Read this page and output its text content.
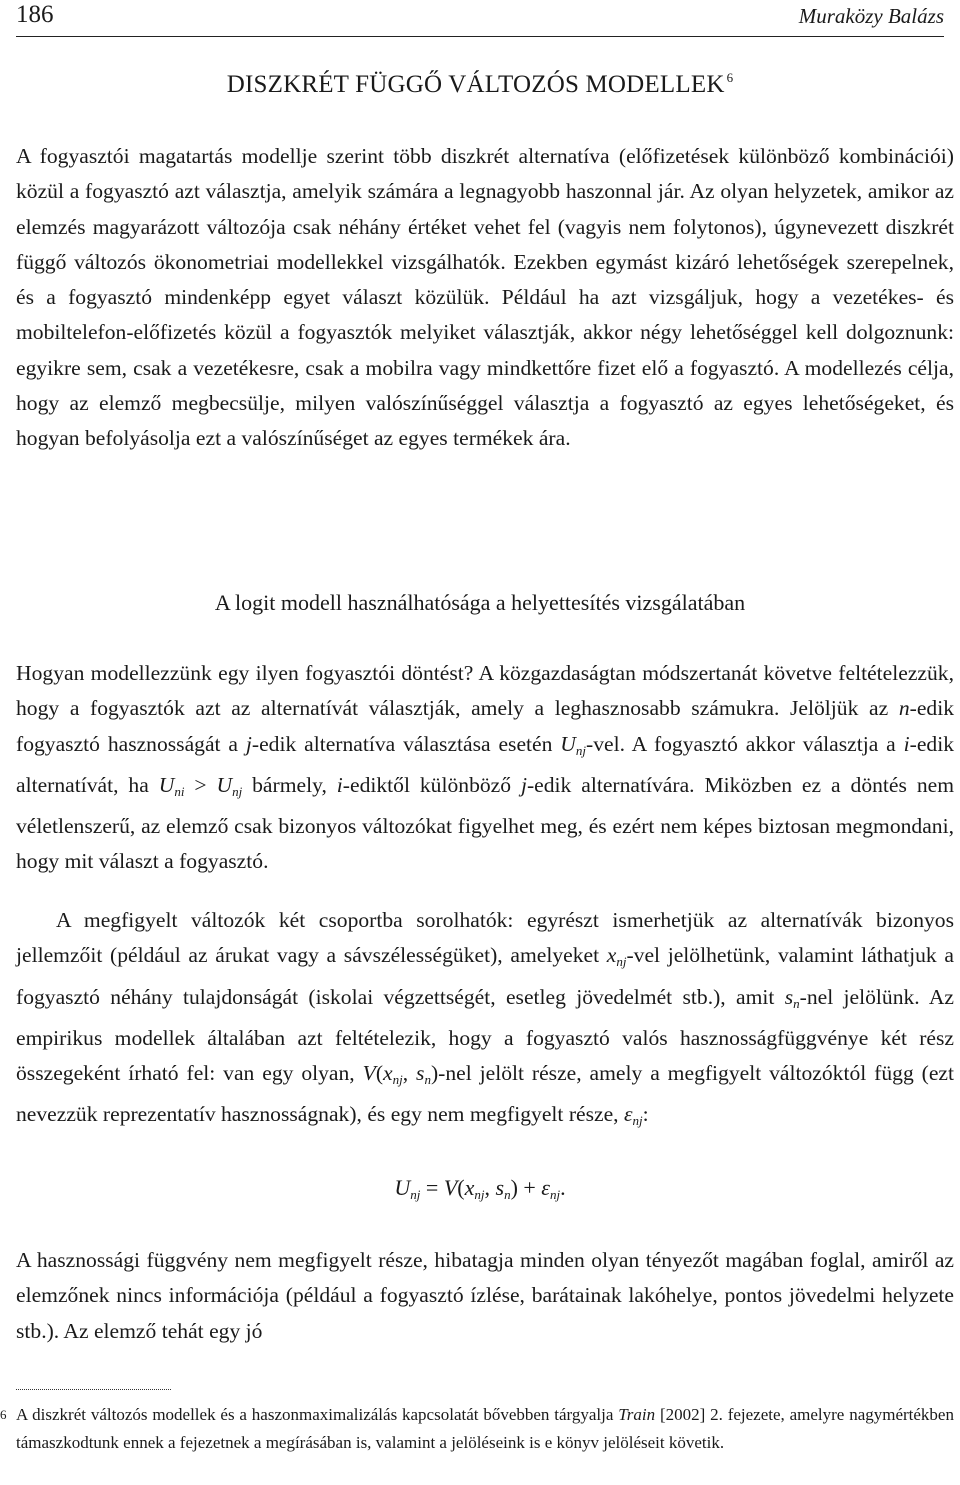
186	Muraközy Balázs
DISZKRÉT FÜGGŐ VÁLTOZÓS MODELLEK $^6$

A fogyasztói magatartás modellje szerint több diszkrét alternatíva (előfizetések különböző kombinációi) közül a fogyasztó azt választja, amelyik számára a legnagyobb haszonnal jár. Az olyan helyzetek, amikor az elemzés magyarázott változója csak néhány értéket vehet fel (vagyis nem folytonos), úgynevezett diszkrét függő változós ökonometriai modellekkel vizsgálhatók. Ezekben egymást kizáró lehetőségek szerepelnek, és a fogyasztó mindenképp egyet választ közülük. Például ha azt vizsgáljuk, hogy a vezetékes- és mobiltelefon-előfizetés közül a fogyasztók melyiket választják, akkor négy lehetőséggel kell dolgoznunk: egyikre sem, csak a vezetékesre, csak a mobilra vagy mindkettőre fizet elő a fogyasztó. A modellezés célja, hogy az elemző megbecsülje, milyen valószínűséggel választja a fogyasztó az egyes lehetőségeket, és hogyan befolyásolja ezt a valószínűséget az egyes termékek ára.

A logit modell használhatósága a helyettesítés vizsgálatában

Hogyan modellezzünk egy ilyen fogyasztói döntést? A közgazdaságtan módszertanát követve feltételezzük, hogy a fogyasztók azt az alternatívát választják, amely a leghasznosabb számukra. Jelöljük az n-edik fogyasztó hasznosságát a j-edik alternatíva választása esetén $U_{nj}$-vel. A fogyasztó akkor választja a i-edik alternatívát, ha $U_{ni} > U_{nj}$ bármely, i-ediktől különböző j-edik alternatívára. Miközben ez a döntés nem véletlenszerű, az elemző csak bizonyos változókat figyelhet meg, és ezért nem képes biztosan megmondani, hogy mit választ a fogyasztó.

A megfigyelt változók két csoportba sorolhatók: egyrészt ismerhetjük az alternatívák bizonyos jellemzőit (például az árukat vagy a sávszélességüket), amelyeket $x_{nj}$-vel jelölhetünk, valamint láthatjuk a fogyasztó néhány tulajdonságát (iskolai végzettségét, esetleg jövedelmét stb.), amit $s_n$-nel jelölünk. Az empirikus modellek általában azt feltételezik, hogy a fogyasztó valós hasznosságfüggvénye két rész összegeként írható fel: van egy olyan, $V(x_{nj}$, $s_n$)-nel jelölt része, amely a megfigyelt változóktól függ (ezt nevezzük reprezentatív hasznosságnak), és egy nem megfigyelt része, $\varepsilon_{nj}$:

$U_{nj} = V(x_{nj}$, $s_n) + \varepsilon_{nj}$.

A hasznossági függvény nem megfigyelt része, hibatagja minden olyan tényezőt magában foglal, amiről az elemzőnek nincs információja (például a fogyasztó ízlése, barátainak lakóhelye, pontos jövedelmi helyzete stb.). Az elemző tehát egy jó

6 A diszkrét változós modellek és a haszonmaximalizálás kapcsolatát bővebben tárgyalja Train [2002] 2. fejezete, amelyre nagymértékben támaszkodtunk ennek a fejezetnek a megírásában is, valamint a jelöléseink is e könyv jelöléseit követik.
